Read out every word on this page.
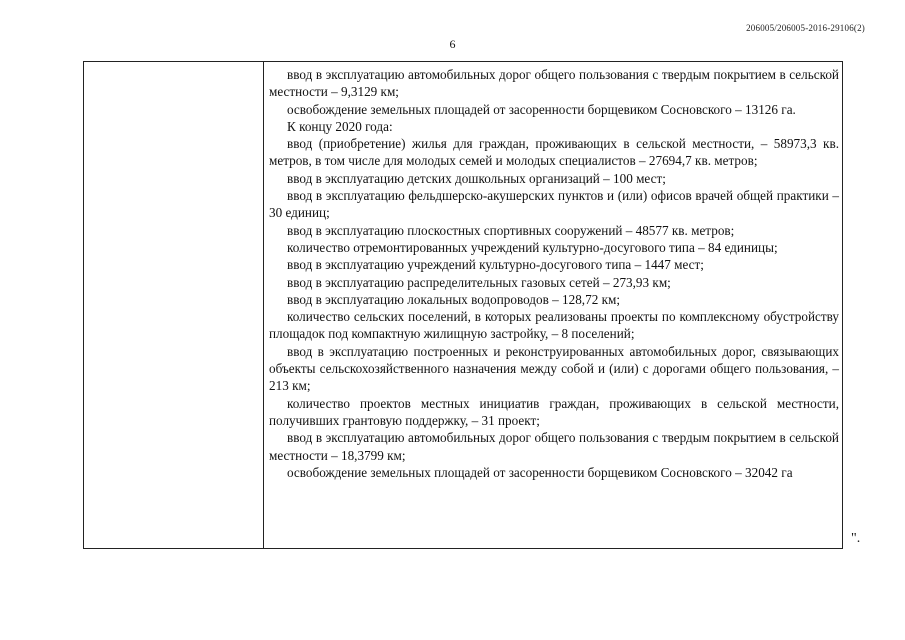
206005/206005-2016-29106(2)
6

ввод в эксплуатацию автомобильных дорог общего пользования с твердым покрытием в сельской местности – 9,3129 км;

освобождение земельных площадей от засоренности борщевиком Сосновского – 13126 га.

К концу 2020 года:

ввод (приобретение) жилья для граждан, проживающих в сельской местности, – 58973,3 кв. метров, в том числе для молодых семей и молодых специалистов – 27694,7 кв. метров;

ввод в эксплуатацию детских дошкольных организаций – 100 мест;

ввод в эксплуатацию фельдшерско-акушерских пунктов и (или) офисов врачей общей практики – 30 единиц;

ввод в эксплуатацию плоскостных спортивных сооружений – 48577 кв. метров;

количество отремонтированных учреждений культурно-досугового типа – 84 единицы;

ввод в эксплуатацию учреждений культурно-досугового типа – 1447 мест;

ввод в эксплуатацию распределительных газовых сетей – 273,93 км;

ввод в эксплуатацию локальных водопроводов – 128,72 км;

количество сельских поселений, в которых реализованы проекты по комплексному обустройству площадок под компактную жилищную застройку, – 8 поселений;

ввод в эксплуатацию построенных и реконструированных автомобильных дорог, связывающих объекты сельскохозяйственного назначения между собой и (или) с дорогами общего пользования, – 213 км;

количество проектов местных инициатив граждан, проживающих в сельской местности, получивших грантовую поддержку, – 31 проект;

ввод в эксплуатацию автомобильных дорог общего пользования с твердым покрытием в сельской местности – 18,3799 км;

освобождение земельных площадей от засоренности борщевиком Сосновского – 32042 га

".
